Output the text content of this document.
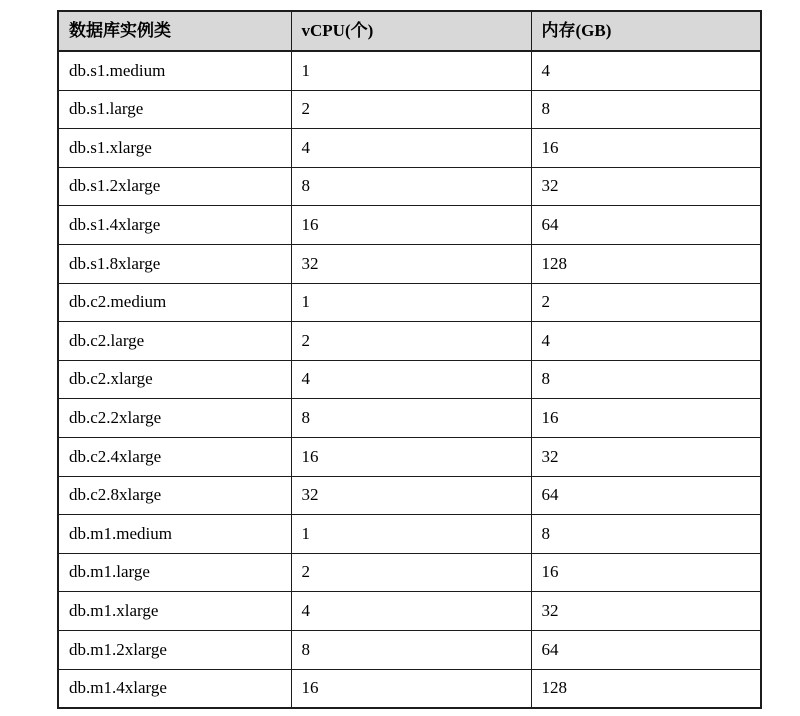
数据库实例类	vCPU(个)	内存(GB)
db.s1.medium	1	4
db.s1.large	2	8
db.s1.xlarge	4	16
db.s1.2xlarge	8	32
db.s1.4xlarge	16	64
db.s1.8xlarge	32	128
db.c2.medium	1	2
db.c2.large	2	4
db.c2.xlarge	4	8
db.c2.2xlarge	8	16
db.c2.4xlarge	16	32
db.c2.8xlarge	32	64
db.m1.medium	1	8
db.m1.large	2	16
db.m1.xlarge	4	32
db.m1.2xlarge	8	64
db.m1.4xlarge	16	128
